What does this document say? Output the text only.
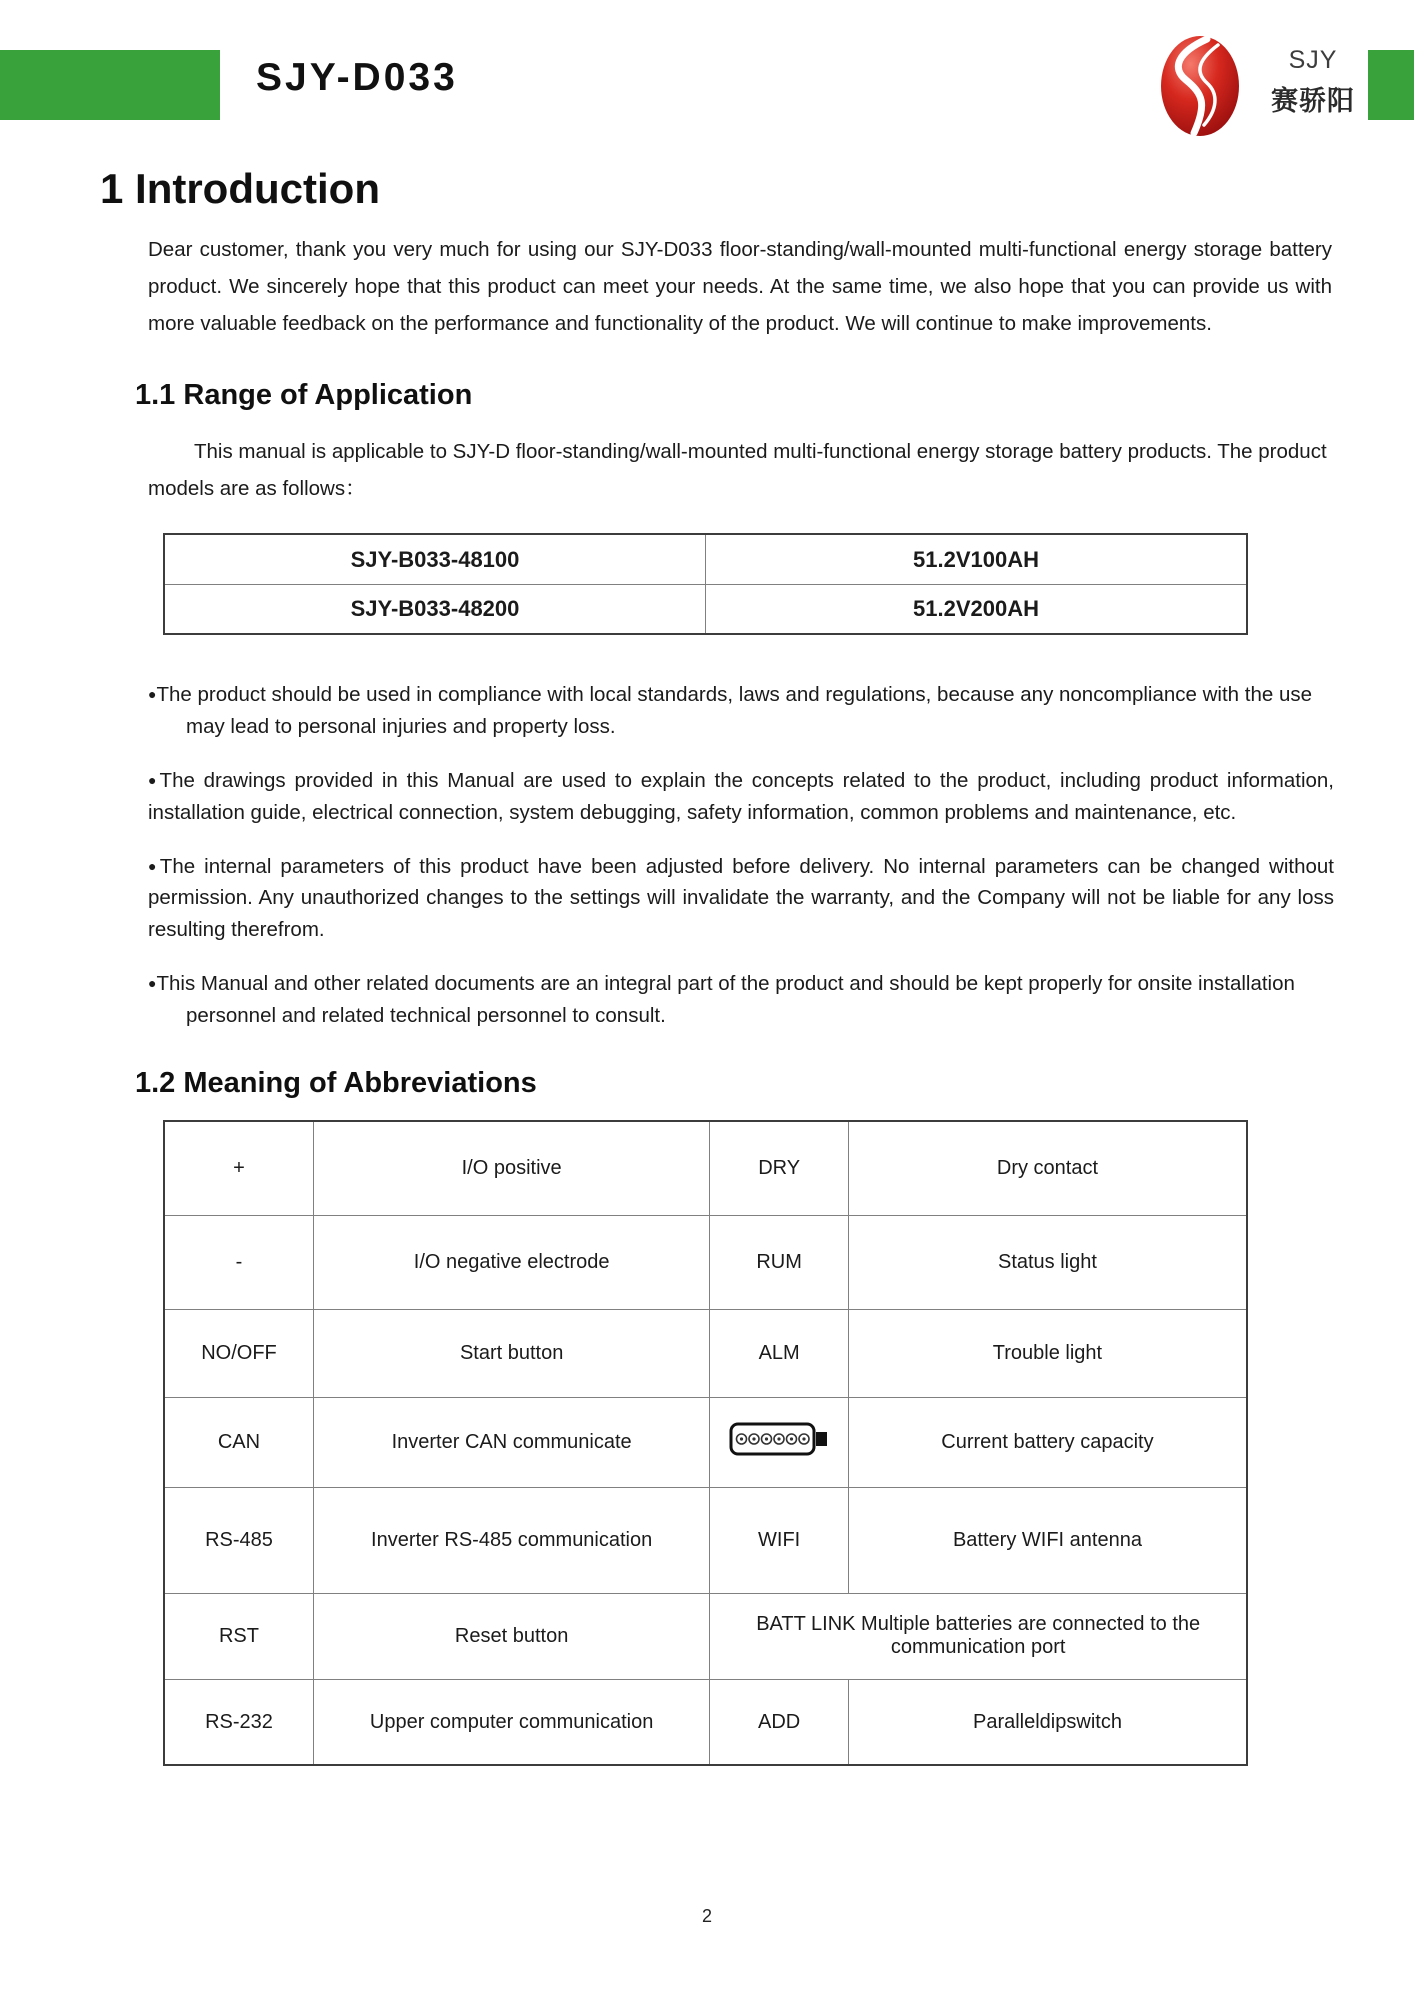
SJY-D033	SJY
赛骄阳
1 Introduction

Dear customer, thank you very much for using our SJY-D033 floor-standing/wall-mounted multi-functional energy storage battery product. We sincerely hope that this product can meet your needs. At the same time, we also hope that you can provide us with more valuable feedback on the performance and functionality of the product. We will continue to make improvements.

1.1 Range of Application

This manual is applicable to SJY-D floor-standing/wall-mounted multi-functional energy storage battery products. The product models are as follows：

SJY-B033-48100	51.2V100AH
SJY-B033-48200	51.2V200AH
●The product should be used in compliance with local standards, laws and regulations, because any noncompliance with the use may lead to personal injuries and property loss.
●The drawings provided in this Manual are used to explain the concepts related to the product, including product information, installation guide, electrical connection, system debugging, safety information, common problems and maintenance, etc.
●The internal parameters of this product have been adjusted before delivery. No internal parameters can be changed without permission. Any unauthorized changes to the settings will invalidate the warranty, and the Company will not be liable for any loss resulting therefrom.
●This Manual and other related documents are an integral part of the product and should be kept properly for onsite installation personnel and related technical personnel to consult.
1.2 Meaning of Abbreviations
+	I/O positive	DRY	Dry contact
-	I/O negative electrode	RUM	Status light
NO/OFF	Start button	ALM	Trouble light
CAN	Inverter CAN communicate		Current battery capacity
RS-485	Inverter RS-485 communication	WIFI	Battery WIFI antenna
RST	Reset button	BATT LINK Multiple batteries are connected to the communication port	
RS-232	Upper computer communication	ADD	Paralleldipswitch
2
